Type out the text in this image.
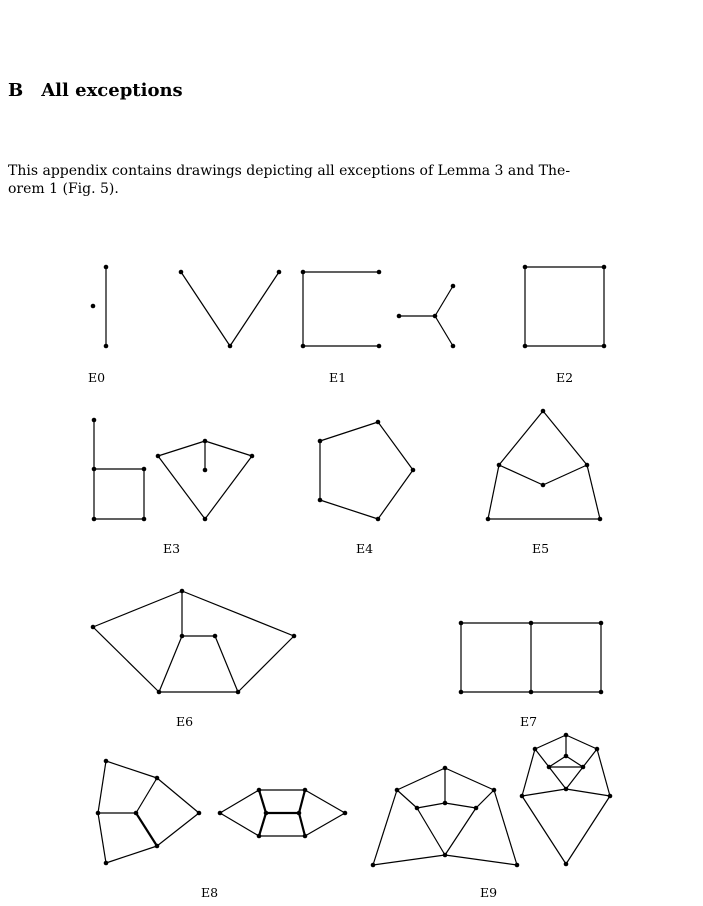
B All exceptions

This appendix contains drawings depicting all exceptions of Lemma 3 and The-
orem 1 (Fig. 5).

E0	E1	E2
E3	E4	E5
E6	E7
E8	E9
